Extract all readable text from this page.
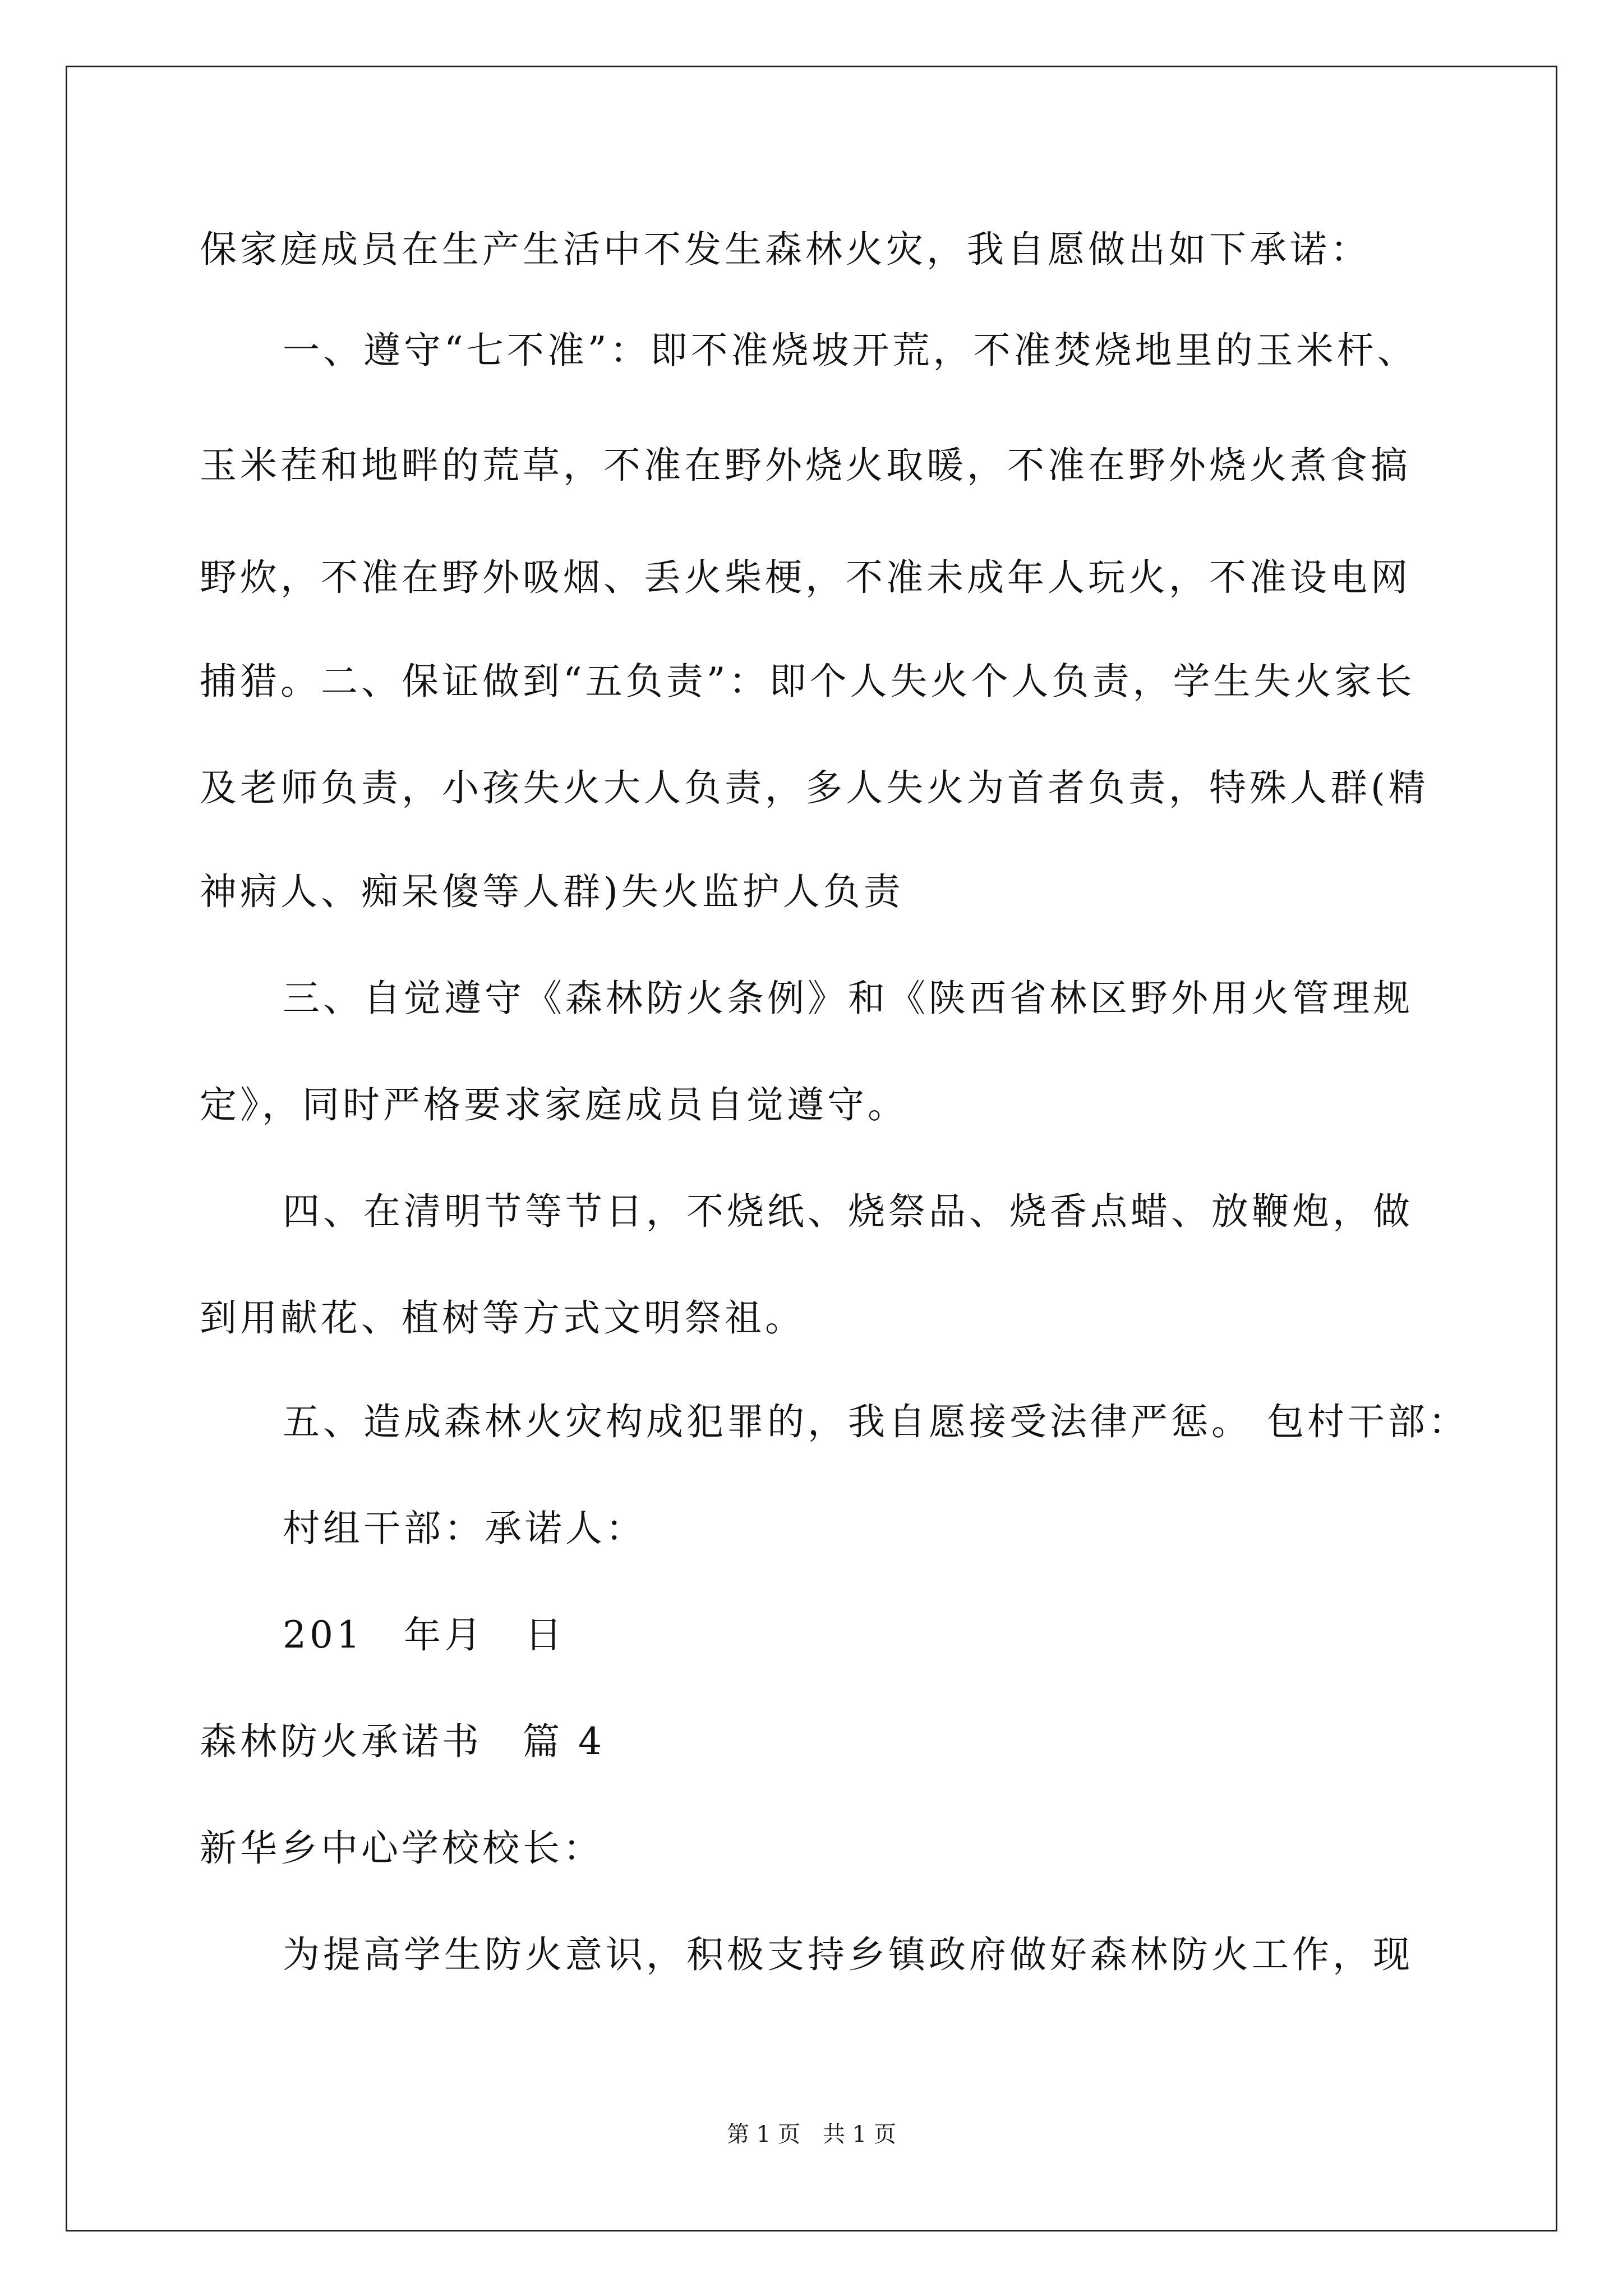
保家庭成员在生产生活中不发生森林火灾，我自愿做出如下承诺：
一、遵守“七不准”：即不准烧坡开荒，不准焚烧地里的玉米杆、
玉米茬和地畔的荒草，不准在野外烧火取暖，不准在野外烧火煮食搞
野炊，不准在野外吸烟、丢火柴梗，不准未成年人玩火，不准设电网
捕猎。二、保证做到“五负责”：即个人失火个人负责，学生失火家长
及老师负责，小孩失火大人负责，多人失火为首者负责，特殊人群(精
神病人、痴呆傻等人群)失火监护人负责
三、自觉遵守《森林防火条例》和《陕西省林区野外用火管理规
定》，同时严格要求家庭成员自觉遵守。
四、在清明节等节日，不烧纸、烧祭品、烧香点蜡、放鞭炮，做
到用献花、植树等方式文明祭祖。
五、造成森林火灾构成犯罪的，我自愿接受法律严惩。 包村干部：
村组干部：承诺人：
201　年月　日
森林防火承诺书　篇 4
新华乡中心学校校长：
为提高学生防火意识，积极支持乡镇政府做好森林防火工作，现
第 1 页　共 1 页
